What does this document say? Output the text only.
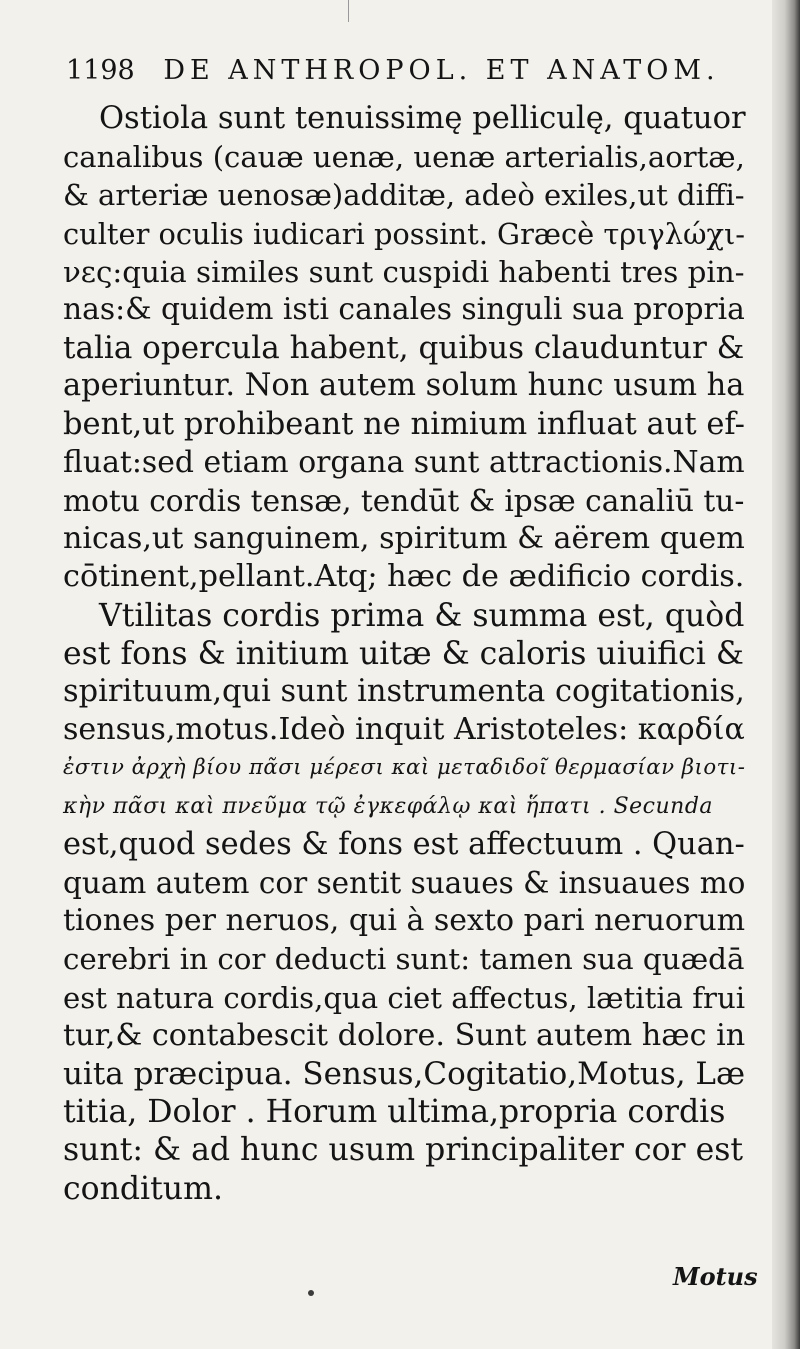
1198 DE ANTHROPOL. ET ANATOM.
Ostiola sunt tenuissimę pelliculę, quatuor
canalibus (cauæ uenæ, uenæ arterialis,aortæ,
& arteriæ uenosæ)additæ, adeò exiles,ut diffi-
culter oculis iudicari possint. Græcè τριγλώχι-
νες:quia similes sunt cuspidi habenti tres pin-
nas:& quidem isti canales singuli sua propria
talia opercula habent, quibus clauduntur &
aperiuntur. Non autem solum hunc usum ha
bent,ut prohibeant ne nimium influat aut ef-
fluat:sed etiam organa sunt attractionis.Nam
motu cordis tensæ, tendūt & ipsæ canaliū tu-
nicas,ut sanguinem, spiritum & aërem quem
cōtinent,pellant.Atq; hæc de ædificio cordis.
Vtilitas cordis prima & summa est, quòd
est fons & initium uitæ & caloris uiuifici &
spirituum,qui sunt instrumenta cogitationis,
sensus,motus.Ideò inquit Aristoteles: καρδία
ἐστιν ἀρχὴ βίου πᾶσι μέρεσι καὶ μεταδιδοῖ θερμασίαν βιοτι-
κὴν πᾶσι καὶ πνεῦμα τῷ ἐγκεφάλῳ καὶ ἥπατι . Secunda
est,quod sedes & fons est affectuum . Quan-
quam autem cor sentit suaues & insuaues mo
tiones per neruos, qui à sexto pari neruorum
cerebri in cor deducti sunt: tamen sua quædā
est natura cordis,qua ciet affectus, lætitia frui
tur,& contabescit dolore. Sunt autem hæc in
uita præcipua. Sensus,Cogitatio,Motus, Læ
titia, Dolor . Horum ultima,propria cordis
sunt: & ad hunc usum principaliter cor est
conditum.
Motus
